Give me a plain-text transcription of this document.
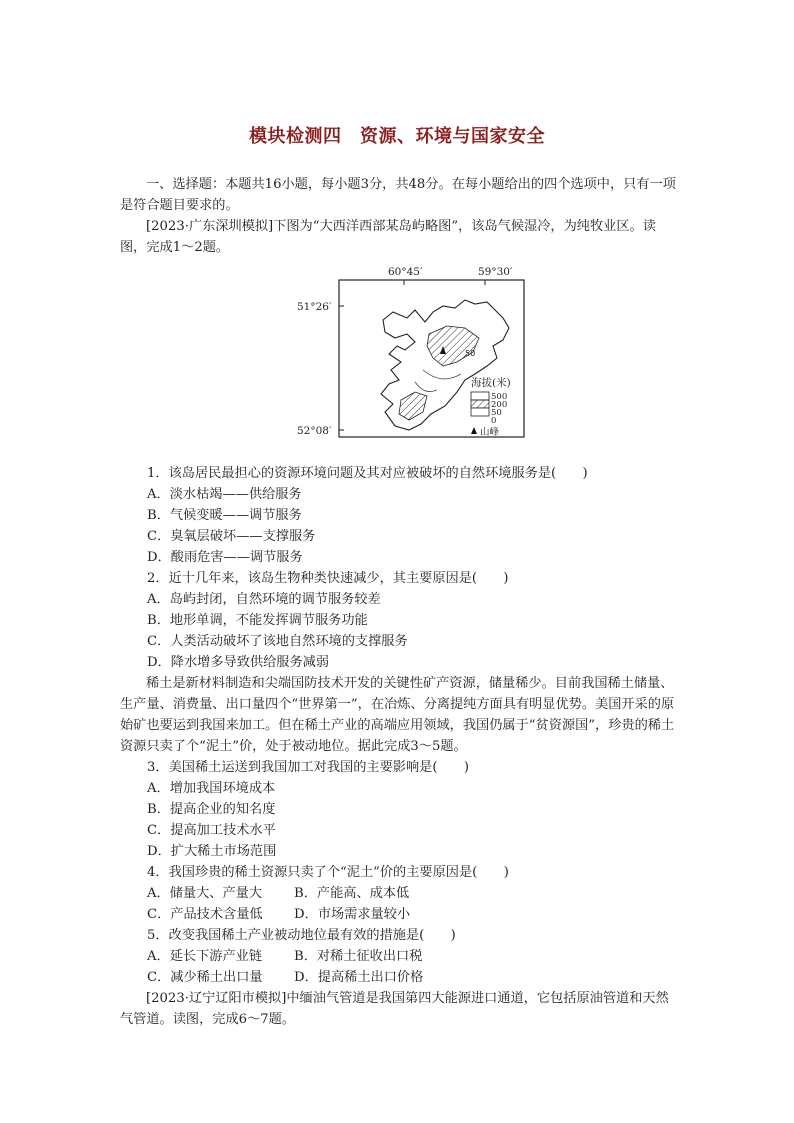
模块检测四　资源、环境与国家安全

一、选择题：本题共16小题，每小题3分，共48分。在每小题给出的四个选项中，只有一项是符合题目要求的。

[2023·广东深圳模拟]下图为“大西洋西部某岛屿略图”，该岛气候湿冷，为纯牧业区。读图，完成1～2题。

50
60°45′	59°30′
51°26′
52°08′
海拔(米)
500
200
50
0
山峰
1．该岛居民最担心的资源环境问题及其对应被破坏的自然环境服务是(　　)
A．淡水枯竭——供给服务
B．气候变暖——调节服务
C．臭氧层破坏——支撑服务
D．酸雨危害——调节服务
2．近十几年来，该岛生物种类快速减少，其主要原因是(　　)
A．岛屿封闭，自然环境的调节服务较差
B．地形单调，不能发挥调节服务功能
C．人类活动破坏了该地自然环境的支撑服务
D．降水增多导致供给服务减弱

稀土是新材料制造和尖端国防技术开发的关键性矿产资源，储量稀少。目前我国稀土储量、生产量、消费量、出口量四个“世界第一”，在冶炼、分离提纯方面具有明显优势。美国开采的原始矿也要运到我国来加工。但在稀土产业的高端应用领域，我国仍属于“贫资源国”，珍贵的稀土资源只卖了个“泥土”价，处于被动地位。据此完成3～5题。

3．美国稀土运送到我国加工对我国的主要影响是(　　)
A．增加我国环境成本
B．提高企业的知名度
C．提高加工技术水平
D．扩大稀土市场范围
4．我国珍贵的稀土资源只卖了个“泥土”价的主要原因是(　　)
A．储量大、产量大 B．产能高、成本低
C．产品技术含量低 D．市场需求量较小
5．改变我国稀土产业被动地位最有效的措施是(　　)
A．延长下游产业链 B．对稀土征收出口税
C．减少稀土出口量 D．提高稀土出口价格

[2023·辽宁辽阳市模拟]中缅油气管道是我国第四大能源进口通道，它包括原油管道和天然气管道。读图，完成6～7题。
